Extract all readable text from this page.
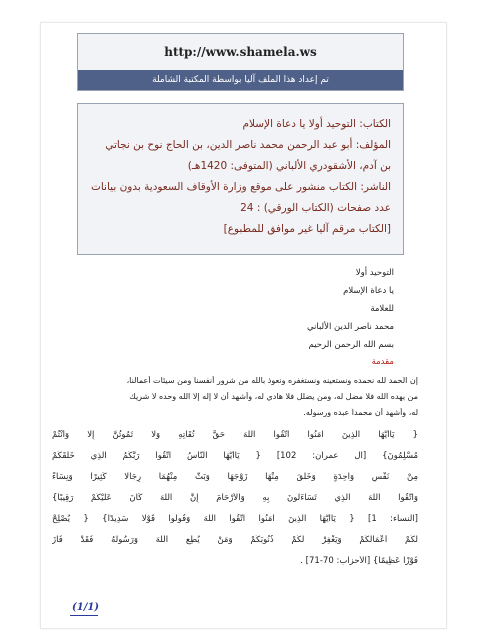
http://www.shamela.ws
تم إعداد هذا الملف آليا بواسطة المكتبة الشاملة
الكتاب: التوحيد أولا يا دعاة الإسلام
المؤلف: أبو عبد الرحمن محمد ناصر الدين، بن الحاج نوح بن نجاتي
بن آدم، الأشقودري الألباني (المتوفى: 1420هـ)
الناشر: الكتاب منشور على موقع وزارة الأوقاف السعودية بدون بيانات
عدد صفحات (الكتاب الورقي) : 24
[الكتاب مرقم آليا غير موافق للمطبوع]
التوحيد أولا
يا دعاة الإسلام
للعلامة
محمد ناصر الدين الألباني
بسم الله الرحمن الرحيم
مقدمة
إن الحمد لله نحمده ونستعينه ونستغفره ونعوذ بالله من شرور أنفسنا ومن سيئات أعمالنا،
من يهده الله فلا مضل له، ومن يضلل فلا هادي له، وأشهد أن لا إله إلا الله وحده لا شريك
له، وأشهد أن محمداً عبده ورسوله.
{ يَاأَيُّهَا الَّذِينَ آمَنُوا اتَّقُوا اللَّهَ حَقَّ تُقَاتِهِ وَلَا تَمُوتُنَّ إِلَّا وَأَنْتُمْ
مُسْلِمُونَ} [آل عمران: 102] { يَاأَيُّهَا النَّاسُ اتَّقُوا رَبَّكُمُ الَّذِي خَلَقَكُمْ
مِنْ نَفْسٍ وَاحِدَةٍ وَخَلَقَ مِنْهَا زَوْجَهَا وَبَثَّ مِنْهُمَا رِجَالًا كَثِيرًا وَنِسَاءً
وَاتَّقُوا اللَّهَ الَّذِي تَسَاءَلُونَ بِهِ وَالْأَرْحَامَ إِنَّ اللَّهَ كَانَ عَلَيْكُمْ رَقِيبًا}
[النساء: 1] { يَاأَيُّهَا الَّذِينَ آمَنُوا اتَّقُوا اللَّهَ وَقُولُوا قَوْلًا سَدِيدًا} { يُصْلِحْ
لَكُمْ أَعْمَالَكُمْ وَيَغْفِرْ لَكُمْ ذُنُوبَكُمْ وَمَنْ يُطِعِ اللَّهَ وَرَسُولَهُ فَقَدْ فَازَ
فَوْزًا عَظِيمًا} [الأحزاب: 70-71] .
(1/1)
